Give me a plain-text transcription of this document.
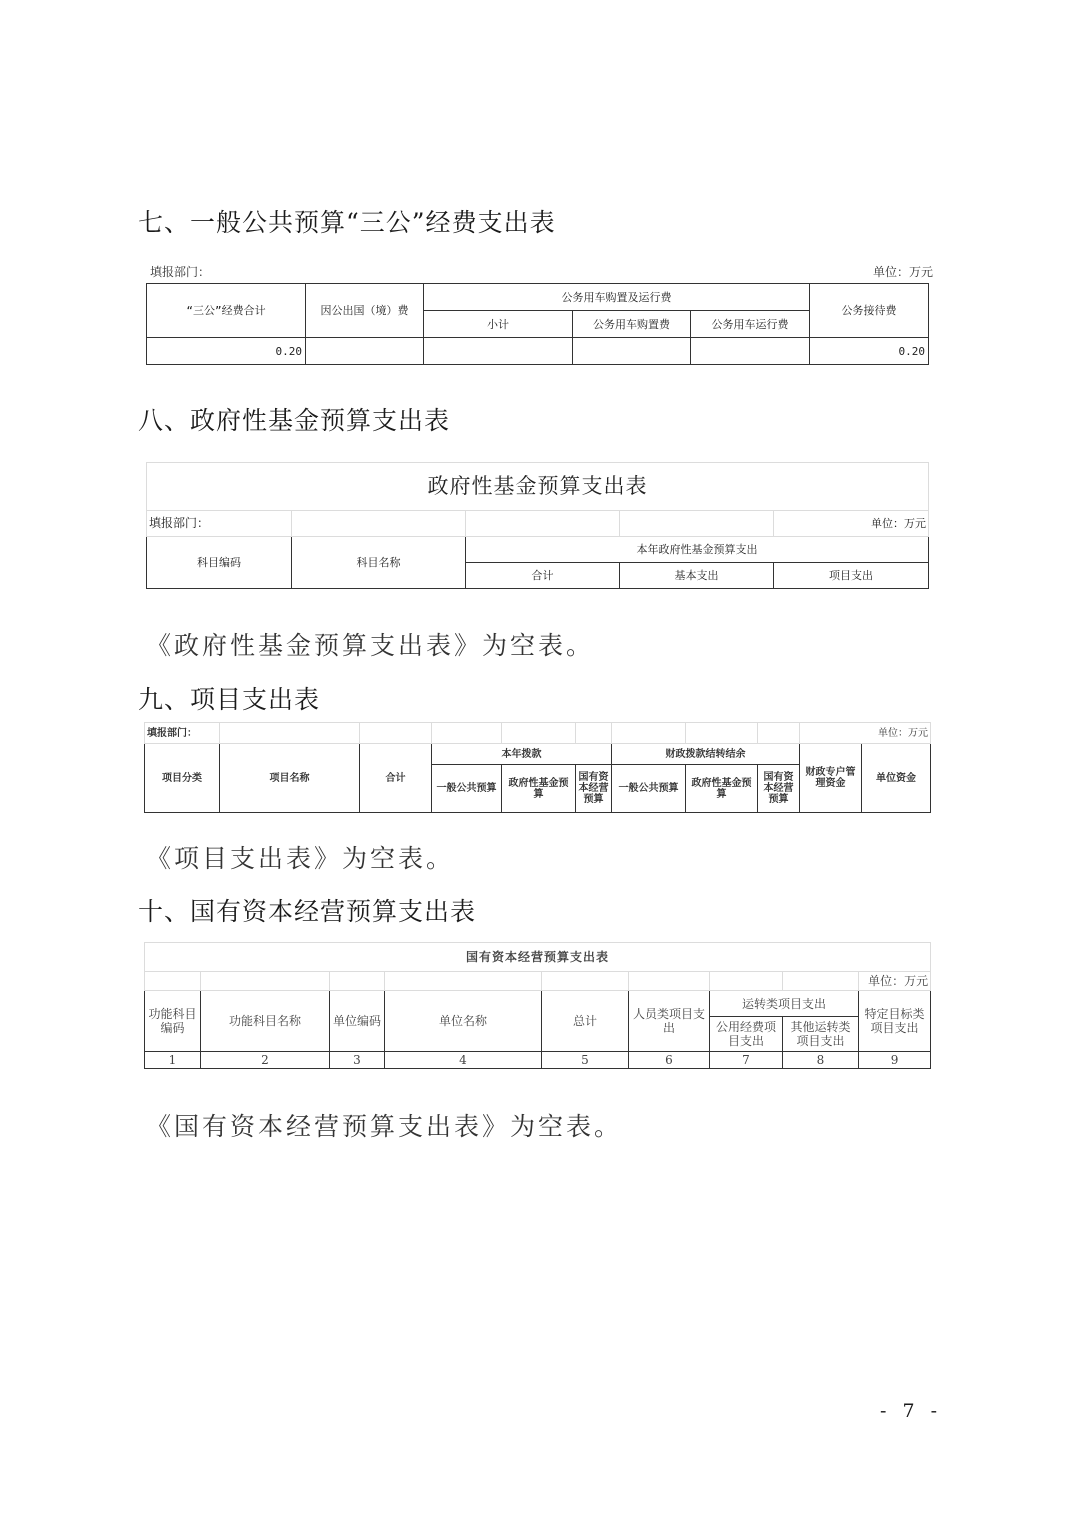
七、一般公共预算“三公”经费支出表
填报部门：	单位：万元
“三公”经费合计	因公出国（境）费	公务用车购置及运行费			公务接待费
		小计	公务用车购置费	公务用车运行费	
0.20					0.20
八、政府性基金预算支出表
政府性基金预算支出表				
填报部门：				单位：万元
科目编码	科目名称	本年政府性基金预算支出		
		合计	基本支出	项目支出
《政府性基金预算支出表》为空表。
九、项目支出表
填报部门：									单位：万元	
项目分类	项目名称	合计	本年拨款			财政拨款结转结余			财政专户管理资金	单位资金
			一般公共预算	政府性基金预算	国有资本经营预算	一般公共预算	政府性基金预算	国有资本经营预算		
《项目支出表》为空表。
十、国有资本经营预算支出表
国有资本经营预算支出表								
								单位：万元
功能科目编码	功能科目名称	单位编码	单位名称	总计	人员类项目支出	运转类项目支出		特定目标类项目支出
						公用经费项目支出	其他运转类项目支出	
1	2	3	4	5	6	7	8	9
《国有资本经营预算支出表》为空表。
- 7 -
